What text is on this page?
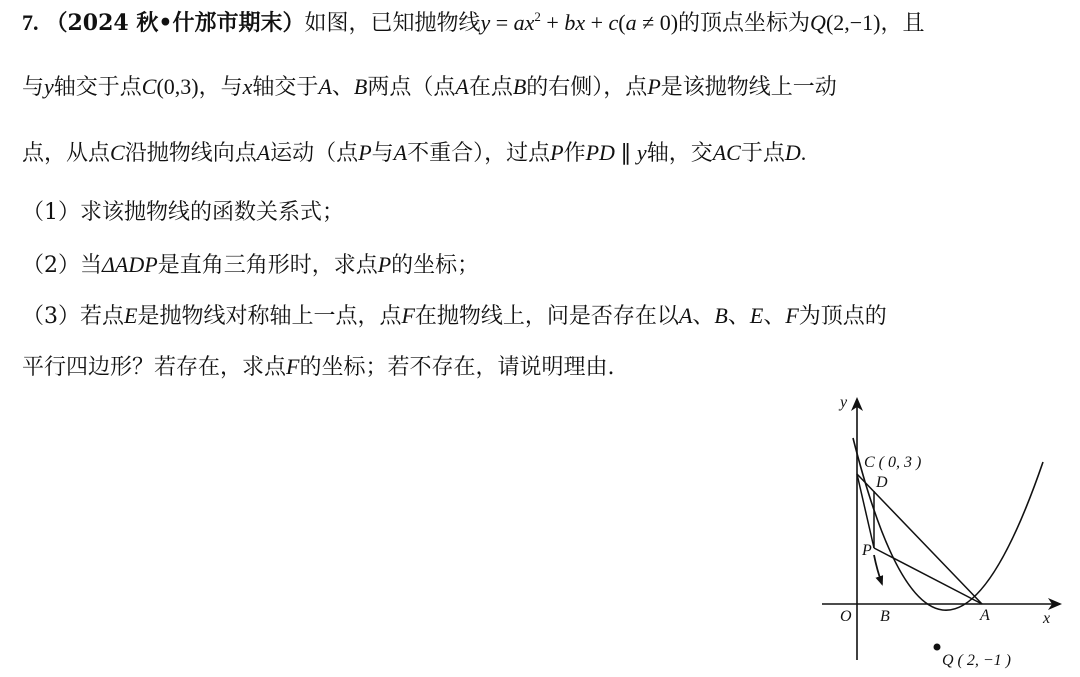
7. （2024 秋•什邡市期末）如图，已知抛物线$y = ax^2$ + bx + c(a ≠ 0)的顶点坐标为Q(2,−1)，且
与y轴交于点C(0,3)，与x轴交于A、B两点（点A在点B的右侧），点P是该抛物线上一动
点，从点C沿抛物线向点A运动（点P与A不重合），过点P作PD ∥ y轴，交AC于点D.
（1）求该抛物线的函数关系式；
（2）当ΔADP是直角三角形时，求点P的坐标；
（3）若点E是抛物线对称轴上一点，点F在抛物线上，问是否存在以A、B、E、F为顶点的
平行四边形？若存在，求点F的坐标；若不存在，请说明理由.
y
x
O
C ( 0, 3 )
D
P
B	A
Q ( 2, −1 )
